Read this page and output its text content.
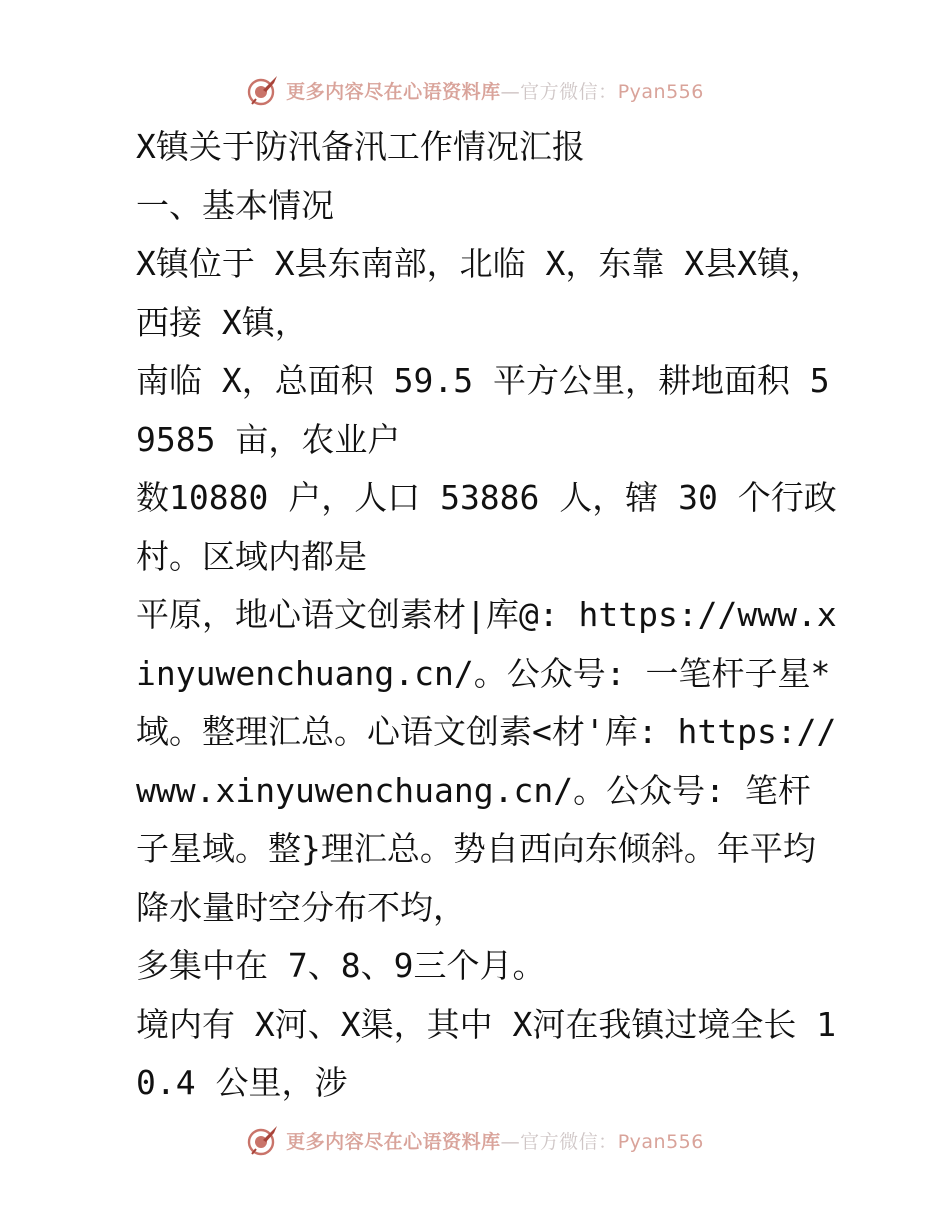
更多内容尽在心语资料库—官方微信：Pyan556

X镇关于防汛备汛工作情况汇报

一、基本情况

X镇位于 X县东南部，北临 X，东靠 X县X镇，西接 X镇，

南临 X，总面积 59.5 平方公里，耕地面积 59585 亩，农业户

数10880 户，人口 53886 人，辖 30 个行政村。区域内都是

平原，地心语文创素材|库@: https://www.xinyuwenchuang.cn/。公众号: 一笔杆子星*域。整理汇总。心语文创素<材'库: https://www.xinyuwenchuang.cn/。公众号: 笔杆子星域。整}理汇总。势自西向东倾斜。年平均降水量时空分布不均，

多集中在 7、8、9三个月。

境内有 X河、X渠，其中 X河在我镇过境全长 10.4 公里，涉

更多内容尽在心语资料库—官方微信：Pyan556
